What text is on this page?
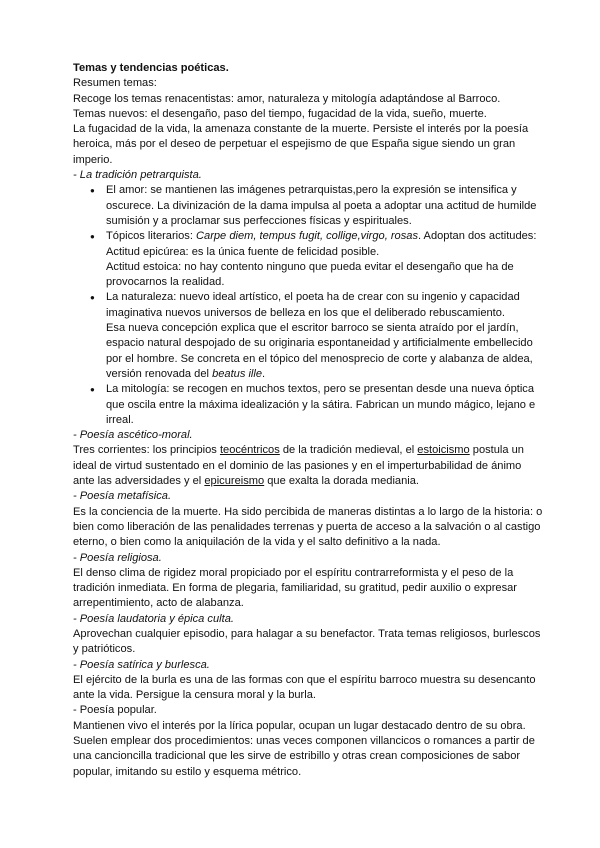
Temas y tendencias poéticas.

Resumen temas:

Recoge los temas renacentistas: amor, naturaleza y mitología adaptándose al Barroco.

Temas nuevos: el desengaño, paso del tiempo, fugacidad de la vida, sueño, muerte.

La fugacidad de la vida, la amenaza constante de la muerte. Persiste el interés por la poesía heroica, más por el deseo de perpetuar el espejismo de que España sigue siendo un gran imperio.

- La tradición petrarquista.

● El amor: se mantienen las imágenes petrarquistas,pero la expresión se intensifica y oscurece. La divinización de la dama impulsa al poeta a adoptar una actitud de humilde sumisión y a proclamar sus perfecciones físicas y espirituales.
● Tópicos literarios: Carpe diem, tempus fugit, collige,virgo, rosas. Adoptan dos actitudes:

Actitud epicúrea: es la única fuente de felicidad posible.

Actitud estoica: no hay contento ninguno que pueda evitar el desengaño que ha de provocarnos la realidad.

● La naturaleza: nuevo ideal artístico, el poeta ha de crear con su ingenio y capacidad imaginativa nuevos universos de belleza en los que el deliberado rebuscamiento.

Esa nueva concepción explica que el escritor barroco se sienta atraído por el jardín, espacio natural despojado de su originaria espontaneidad y artificialmente embellecido por el hombre. Se concreta en el tópico del menosprecio de corte y alabanza de aldea, versión renovada del beatus ille.

● La mitología: se recogen en muchos textos, pero se presentan desde una nueva óptica que oscila entre la máxima idealización y la sátira. Fabrican un mundo mágico, lejano e irreal.

- Poesía ascético-moral.

Tres corrientes: los principios teocéntricos de la tradición medieval, el estoicismo postula un ideal de virtud sustentado en el dominio de las pasiones y en el imperturbabilidad de ánimo ante las adversidades y el epicureismo que exalta la dorada mediania.

- Poesía metafísica.

Es la conciencia de la muerte. Ha sido percibida de maneras distintas a lo largo de la historia: o bien como liberación de las penalidades terrenas y puerta de acceso a la salvación o al castigo eterno, o bien como la aniquilación de la vida y el salto definitivo a la nada.

- Poesía religiosa.

El denso clima de rigidez moral propiciado por el espíritu contrarreformista y el peso de la tradición inmediata. En forma de plegaria, familiaridad, su gratitud, pedir auxilio o expresar arrepentimiento, acto de alabanza.

- Poesía laudatoria y épica culta.

Aprovechan cualquier episodio, para halagar a su benefactor. Trata temas religiosos, burlescos y patrióticos.

- Poesía satírica y burlesca.

El ejército de la burla es una de las formas con que el espíritu barroco muestra su desencanto ante la vida. Persigue la censura moral y la burla.

- Poesía popular.

Mantienen vivo el interés por la lírica popular, ocupan un lugar destacado dentro de su obra. Suelen emplear dos procedimientos: unas veces componen villancicos o romances a partir de una cancioncilla tradicional que les sirve de estribillo y otras crean composiciones de sabor popular, imitando su estilo y esquema métrico.
